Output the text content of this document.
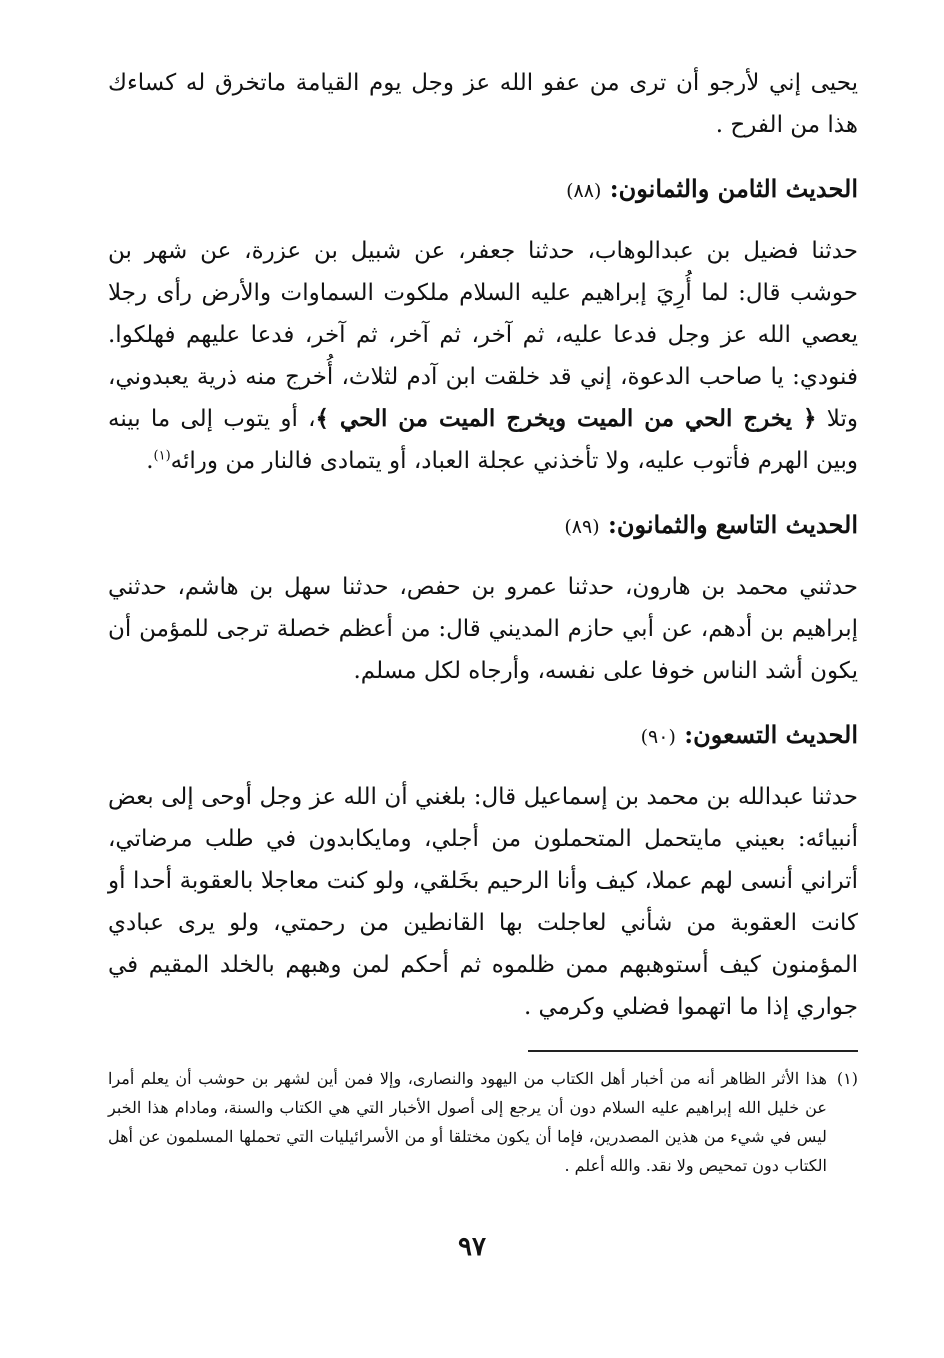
يحيى إني لأرجو أن ترى من عفو الله عز وجل يوم القيامة ماتخرق له كساءك هذا من الفرح .

الحديث الثامن والثمانون: (٨٨)

حدثنا فضيل بن عبدالوهاب، حدثنا جعفر، عن شبيل بن عزرة، عن شهر بن حوشب قال: لما أُرِيَ إبراهيم عليه السلام ملكوت السماوات والأرض رأى رجلا يعصي الله عز وجل فدعا عليه، ثم آخر، ثم آخر، ثم آخر، فدعا عليهم فهلكوا. فنودي: يا صاحب الدعوة، إني قد خلقت ابن آدم لثلاث، أُخرج منه ذرية يعبدوني، وتلا ﴿ يخرج الحي من الميت ويخرج الميت من الحي ﴾، أو يتوب إلى ما بينه وبين الهرم فأتوب عليه، ولا تأخذني عجلة العباد، أو يتمادى فالنار من ورائه$^{(١)}$.

الحديث التاسع والثمانون: (٨٩)

حدثني محمد بن هارون، حدثنا عمرو بن حفص، حدثنا سهل بن هاشم، حدثني إبراهيم بن أدهم، عن أبي حازم المديني قال: من أعظم خصلة ترجى للمؤمن أن يكون أشد الناس خوفا على نفسه، وأرجاه لكل مسلم.

الحديث التسعون: (٩٠)

حدثنا عبدالله بن محمد بن إسماعيل قال: بلغني أن الله عز وجل أوحى إلى بعض أنبيائه: بعيني مايتحمل المتحملون من أجلي، ومايكابدون في طلب مرضاتي، أتراني أنسى لهم عملا، كيف وأنا الرحيم بخَلقي، ولو كنت معاجلا بالعقوبة أحدا أو كانت العقوبة من شأني لعاجلت بها القانطين من رحمتي، ولو يرى عبادي المؤمنون كيف أستوهبهم ممن ظلموه ثم أحكم لمن وهبهم بالخلد المقيم في جواري إذا ما اتهموا فضلي وكرمي .

(١)
هذا الأثر الظاهر أنه من أخبار أهل الكتاب من اليهود والنصارى، وإلا فمن أين لشهر بن حوشب أن يعلم أمرا عن خليل الله إبراهيم عليه السلام دون أن يرجع إلى أصول الأخبار التي هي الكتاب والسنة، ومادام هذا الخبر ليس في شيء من هذين المصدرين، فإما أن يكون مختلقا أو من الأسرائيليات التي تحملها المسلمون عن أهل الكتاب دون تمحيص ولا نقد. والله أعلم .
٩٧
